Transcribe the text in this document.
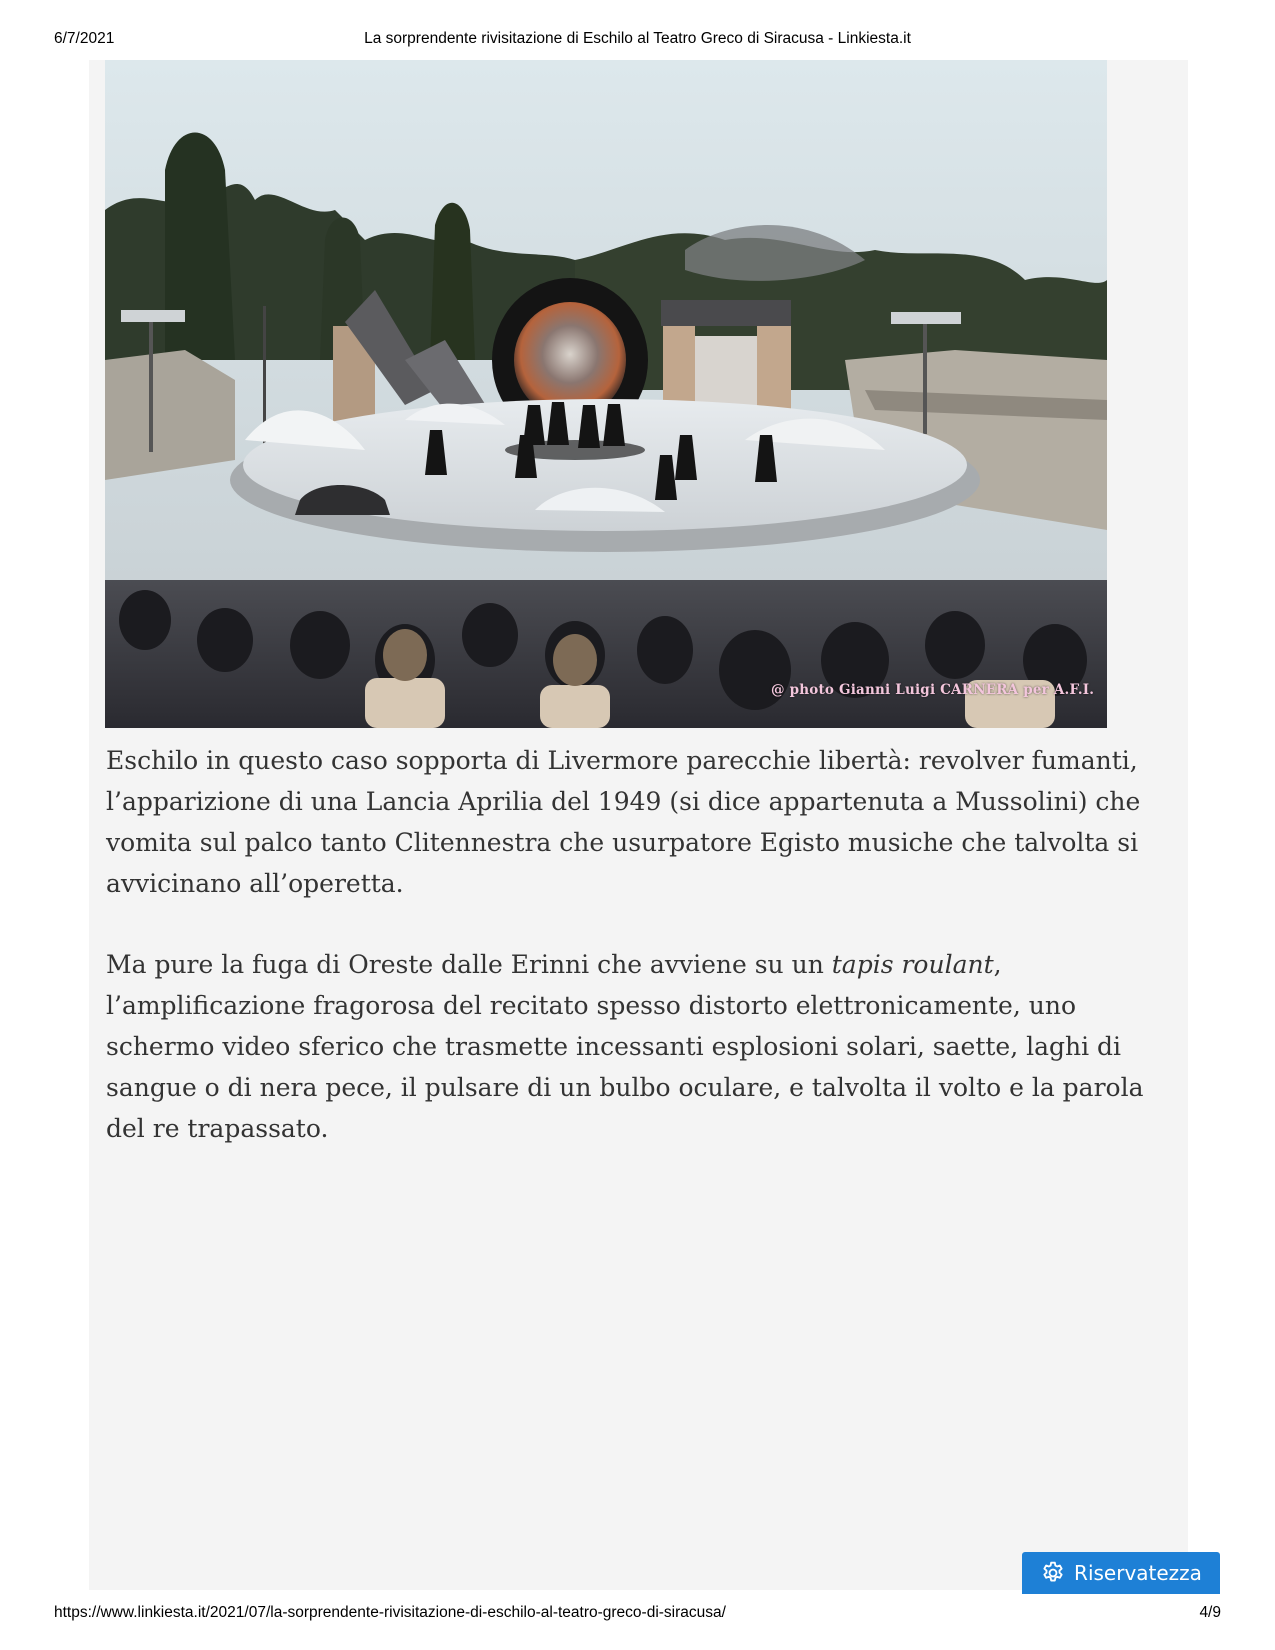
6/7/2021	La sorprendente rivisitazione di Eschilo al Teatro Greco di Siracusa - Linkiesta.it
@ photo Gianni Luigi CARNERA per A.F.I.

Eschilo in questo caso sopporta di Livermore parecchie libertà: revolver fumanti, l’apparizione di una Lancia Aprilia del 1949 (si dice appartenuta a Mussolini) che vomita sul palco tanto Clitennestra che usurpatore Egisto musiche che talvolta si avvicinano all’operetta.

Ma pure la fuga di Oreste dalle Erinni che avviene su un tapis roulant, l’amplificazione fragorosa del recitato spesso distorto elettronicamente, uno schermo video sferico che trasmette incessanti esplosioni solari, saette, laghi di sangue o di nera pece, il pulsare di un bulbo oculare, e talvolta il volto e la parola del re trapassato.

Riservatezza
https://www.linkiesta.it/2021/07/la-sorprendente-rivisitazione-di-eschilo-al-teatro-greco-di-siracusa/	4/9
